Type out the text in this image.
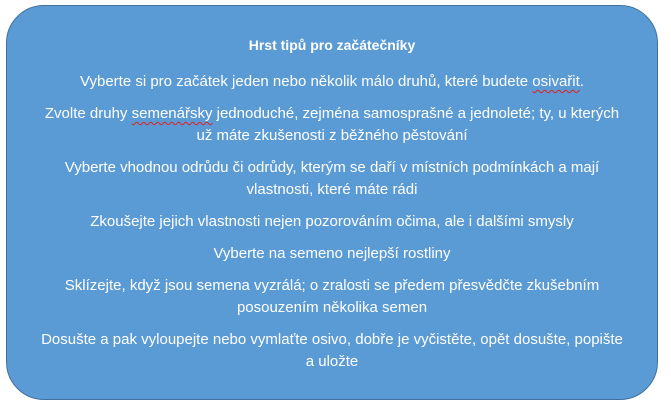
Hrst tipů pro začátečníky
Vyberte si pro začátek jeden nebo několik málo druhů, které budete osivařit.
Zvolte druhy semenářsky jednoduché, zejména samosprašné a jednoleté; ty, u kterých už máte zkušenosti z běžného pěstování
Vyberte vhodnou odrůdu či odrůdy, kterým se daří v místních podmínkách a mají vlastnosti, které máte rádi
Zkoušejte jejich vlastnosti nejen pozorováním očima, ale i dalšími smysly
Vyberte na semeno nejlepší rostliny
Sklízejte, když jsou semena vyzrálá; o zralosti se předem přesvědčte zkušebním posouzením několika semen
Dosušte a pak vyloupejte nebo vymlaťte osivo, dobře je vyčistěte, opět dosušte, popište a uložte
